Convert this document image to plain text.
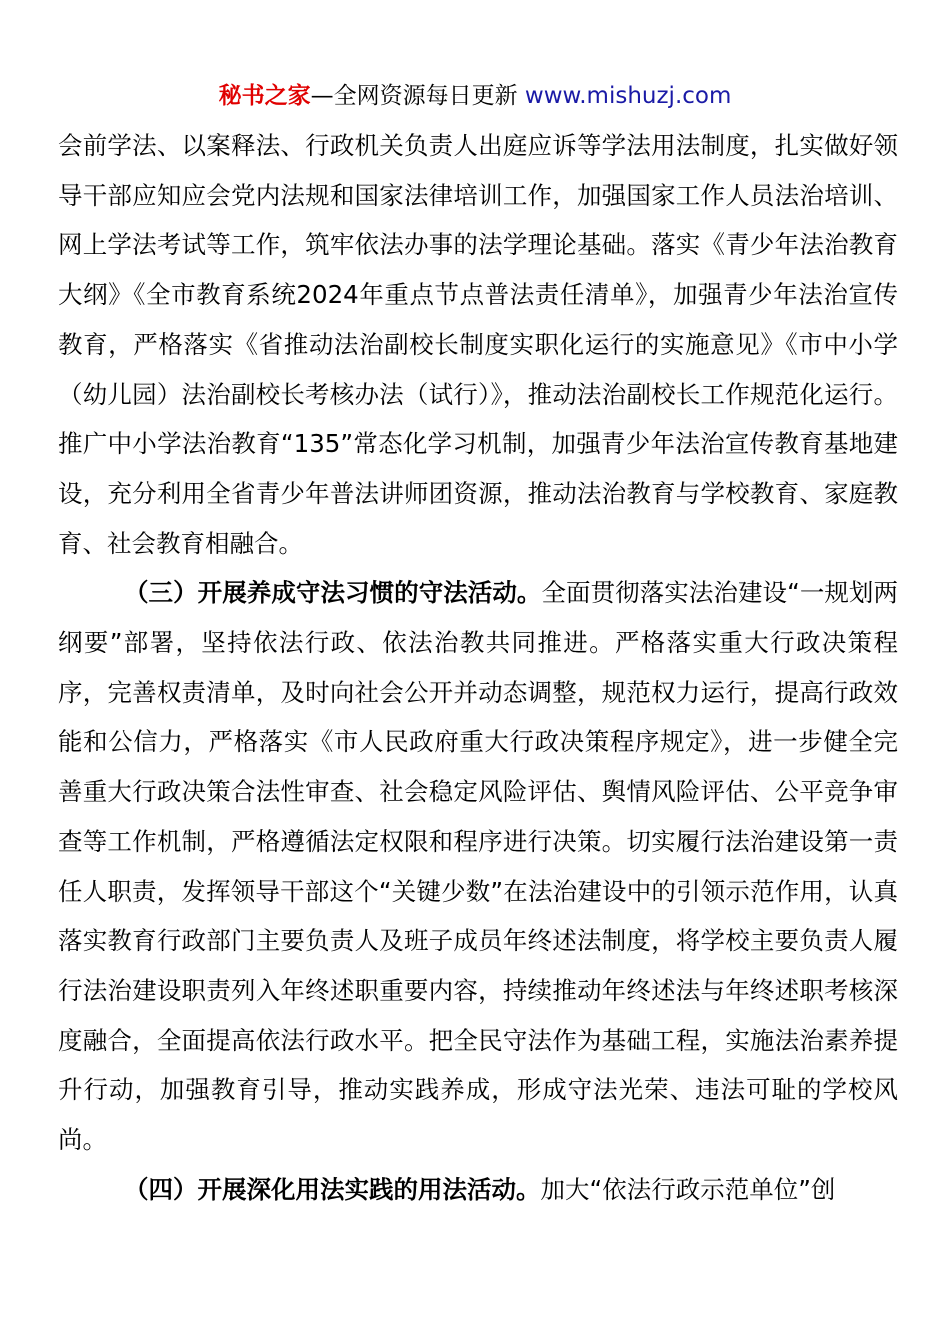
秘书之家—全网资源每日更新 www.mishuzj.com

会前学法、以案释法、行政机关负责人出庭应诉等学法用法制度，扎实做好领导干部应知应会党内法规和国家法律培训工作，加强国家工作人员法治培训、网上学法考试等工作，筑牢依法办事的法学理论基础。落实《青少年法治教育大纲》《全市教育系统2024年重点节点普法责任清单》，加强青少年法治宣传教育，严格落实《省推动法治副校长制度实职化运行的实施意见》《市中小学（幼儿园）法治副校长考核办法（试行）》，推动法治副校长工作规范化运行。推广中小学法治教育“135”常态化学习机制，加强青少年法治宣传教育基地建设，充分利用全省青少年普法讲师团资源，推动法治教育与学校教育、家庭教育、社会教育相融合。

（三）开展养成守法习惯的守法活动。全面贯彻落实法治建设“一规划两纲要”部署，坚持依法行政、依法治教共同推进。严格落实重大行政决策程序，完善权责清单，及时向社会公开并动态调整，规范权力运行，提高行政效能和公信力，严格落实《市人民政府重大行政决策程序规定》，进一步健全完善重大行政决策合法性审查、社会稳定风险评估、舆情风险评估、公平竞争审查等工作机制，严格遵循法定权限和程序进行决策。切实履行法治建设第一责任人职责，发挥领导干部这个“关键少数”在法治建设中的引领示范作用，认真落实教育行政部门主要负责人及班子成员年终述法制度，将学校主要负责人履行法治建设职责列入年终述职重要内容，持续推动年终述法与年终述职考核深度融合，全面提高依法行政水平。把全民守法作为基础工程，实施法治素养提升行动，加强教育引导，推动实践养成，形成守法光荣、违法可耻的学校风尚。

（四）开展深化用法实践的用法活动。加大“依法行政示范单位”创
